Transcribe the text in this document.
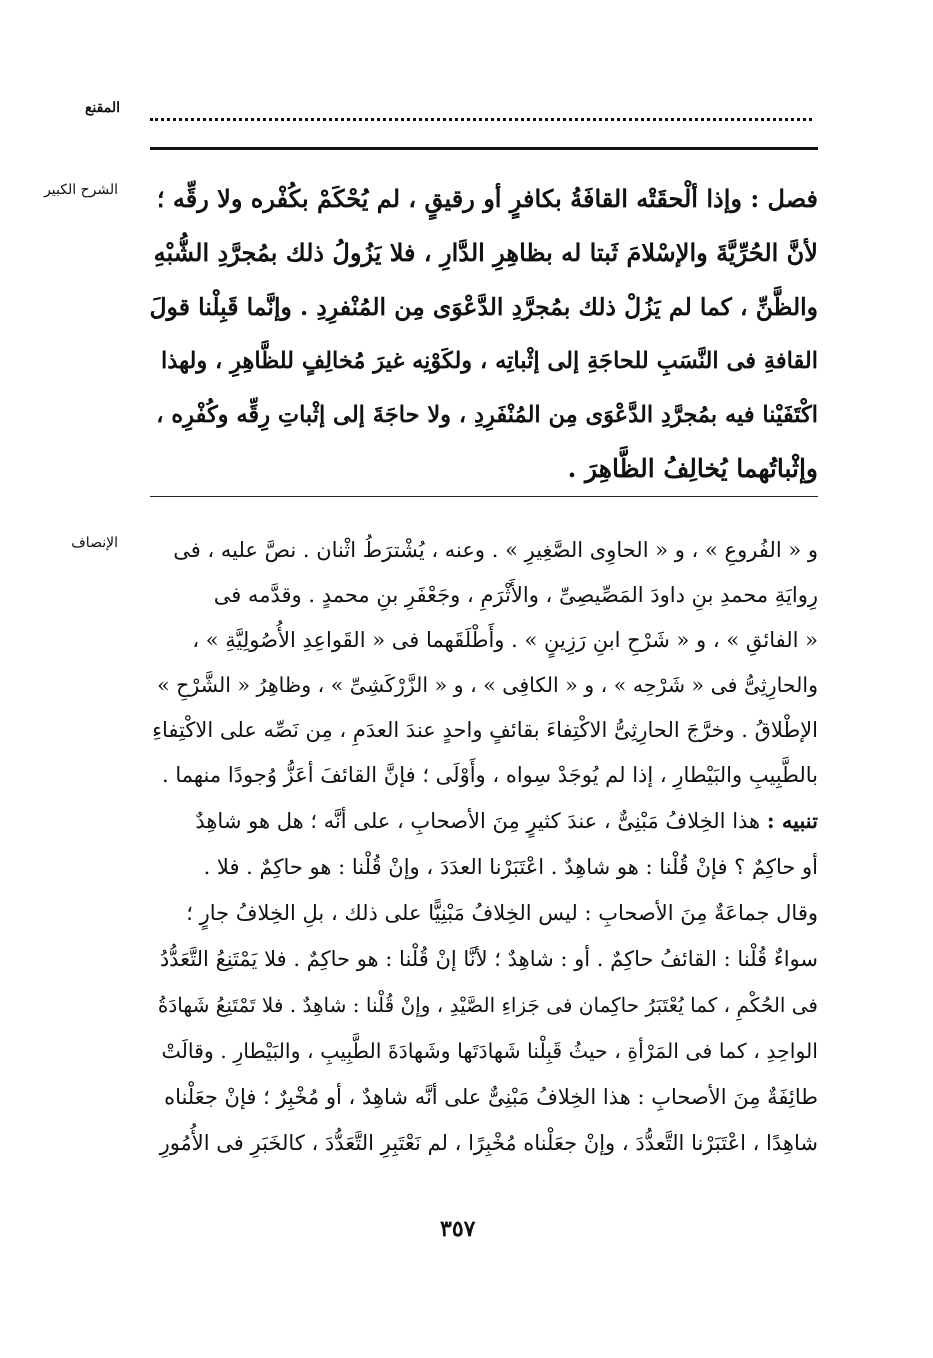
المقنع
الشرح الكبير	فصل : وإذا ألْحقَتْه القافَةُ بكافرٍ أو رقيقٍ ، لم يُحْكَمْ بكُفْره ولا رقِّه ؛
لأنَّ الحُرِّيَّةَ والإسْلامَ ثَبتا له بظاهِرِ الدَّارِ ، فلا يَزُولُ ذلك بمُجرَّدِ الشُّبْهِ
والظَّنِّ ، كما لم يَزُلْ ذلك بمُجرَّدِ الدَّعْوَى مِن المُنْفرِدِ . وإنَّما قَبِلْنا قولَ
القافةِ فى النَّسَبِ للحاجَةِ إلى إثْباتِه ، ولكَوْنِه غيرَ مُخالِفٍ للظَّاهِرِ ، ولهذا
اكْتَفَيْنا فيه بمُجرَّدِ الدَّعْوَى مِن المُنْفَرِدِ ، ولا حاجَةَ إلى إثْباتِ رِقِّه وكُفْرِه ،
وإثْباتُهما يُخالِفُ الظَّاهِرَ .
الإنصاف	و « الفُروعِ » ، و « الحاوِى الصَّغِيرِ » . وعنه ، يُشْترَطُ اثْنان . نصَّ عليه ، فى
رِوايَةِ محمدِ بنِ داودَ المَصِّيصِىِّ ، والأَثْرَمِ ، وجَعْفَرِ بنِ محمدٍ . وقدَّمه فى
« الفائقِ » ، و « شَرْحِ ابنِ رَزِينٍ » . وأَطْلَقَهما فى « القَواعِدِ الأُصُولِيَّةِ » ،
والحارِثِىُّ فى « شَرْحِه » ، و « الكافِى » ، و « الزَّرْكَشِىِّ » ، وظاهِرُ « الشَّرْحِ »
الإطْلاقُ . وخرَّجَ الحارِثِىُّ الاكْتِفاءَ بقائفٍ واحدٍ عندَ العدَمِ ، مِن نَصِّه على الاكْتِفاءِ
بالطَّبِيبِ والبَيْطارِ ، إذا لم يُوجَدْ سِواه ، وأَوْلَى ؛ فإنَّ القائفَ أعَزُّ وُجودًا منهما .
تنبيه : هذا الخِلافُ مَبْنِىٌّ ، عندَ كثيرٍ مِنَ الأصحابِ ، على أنَّه ؛ هل هو شاهِدٌ
أو حاكِمٌ ؟ فإنْ قُلْنا : هو شاهِدٌ . اعْتَبَرْنا العدَدَ ، وإنْ قُلْنا : هو حاكِمٌ . فلا .
وقال جماعَةٌ مِنَ الأصحابِ : ليس الخِلافُ مَبْنِيًّا على ذلك ، بلِ الخِلافُ جارٍ ؛
سواءٌ قُلْنا : القائفُ حاكِمٌ . أو : شاهِدٌ ؛ لأنَّا إنْ قُلْنا : هو حاكِمٌ . فلا يَمْتَنِعُ التَّعَدُّدُ
فى الحُكْمِ ، كما يُعْتَبَرُ حاكِمان فى جَزاءِ الصَّيْدِ ، وإنْ قُلْنا : شاهِدٌ . فلا تَمْتَنِعُ شَهادَةُ
الواحِدِ ، كما فى المَرْأةِ ، حيثُ قَبِلْنا شَهادَتَها وشَهادَةَ الطَّبِيبِ ، والبَيْطارِ . وقالَتْ
طائِفَةٌ مِنَ الأصحابِ : هذا الخِلافُ مَبْنِىٌّ على أنَّه شاهِدٌ ، أو مُخْبِرٌ ؛ فإنْ جعَلْناه
شاهِدًا ، اعْتَبَرْنا التَّعدُّدَ ، وإنْ جعَلْناه مُخْبِرًا ، لم نَعْتَبِرِ التَّعَدُّدَ ، كالخَبَرِ فى الأُمُورِ
٣٥٧
